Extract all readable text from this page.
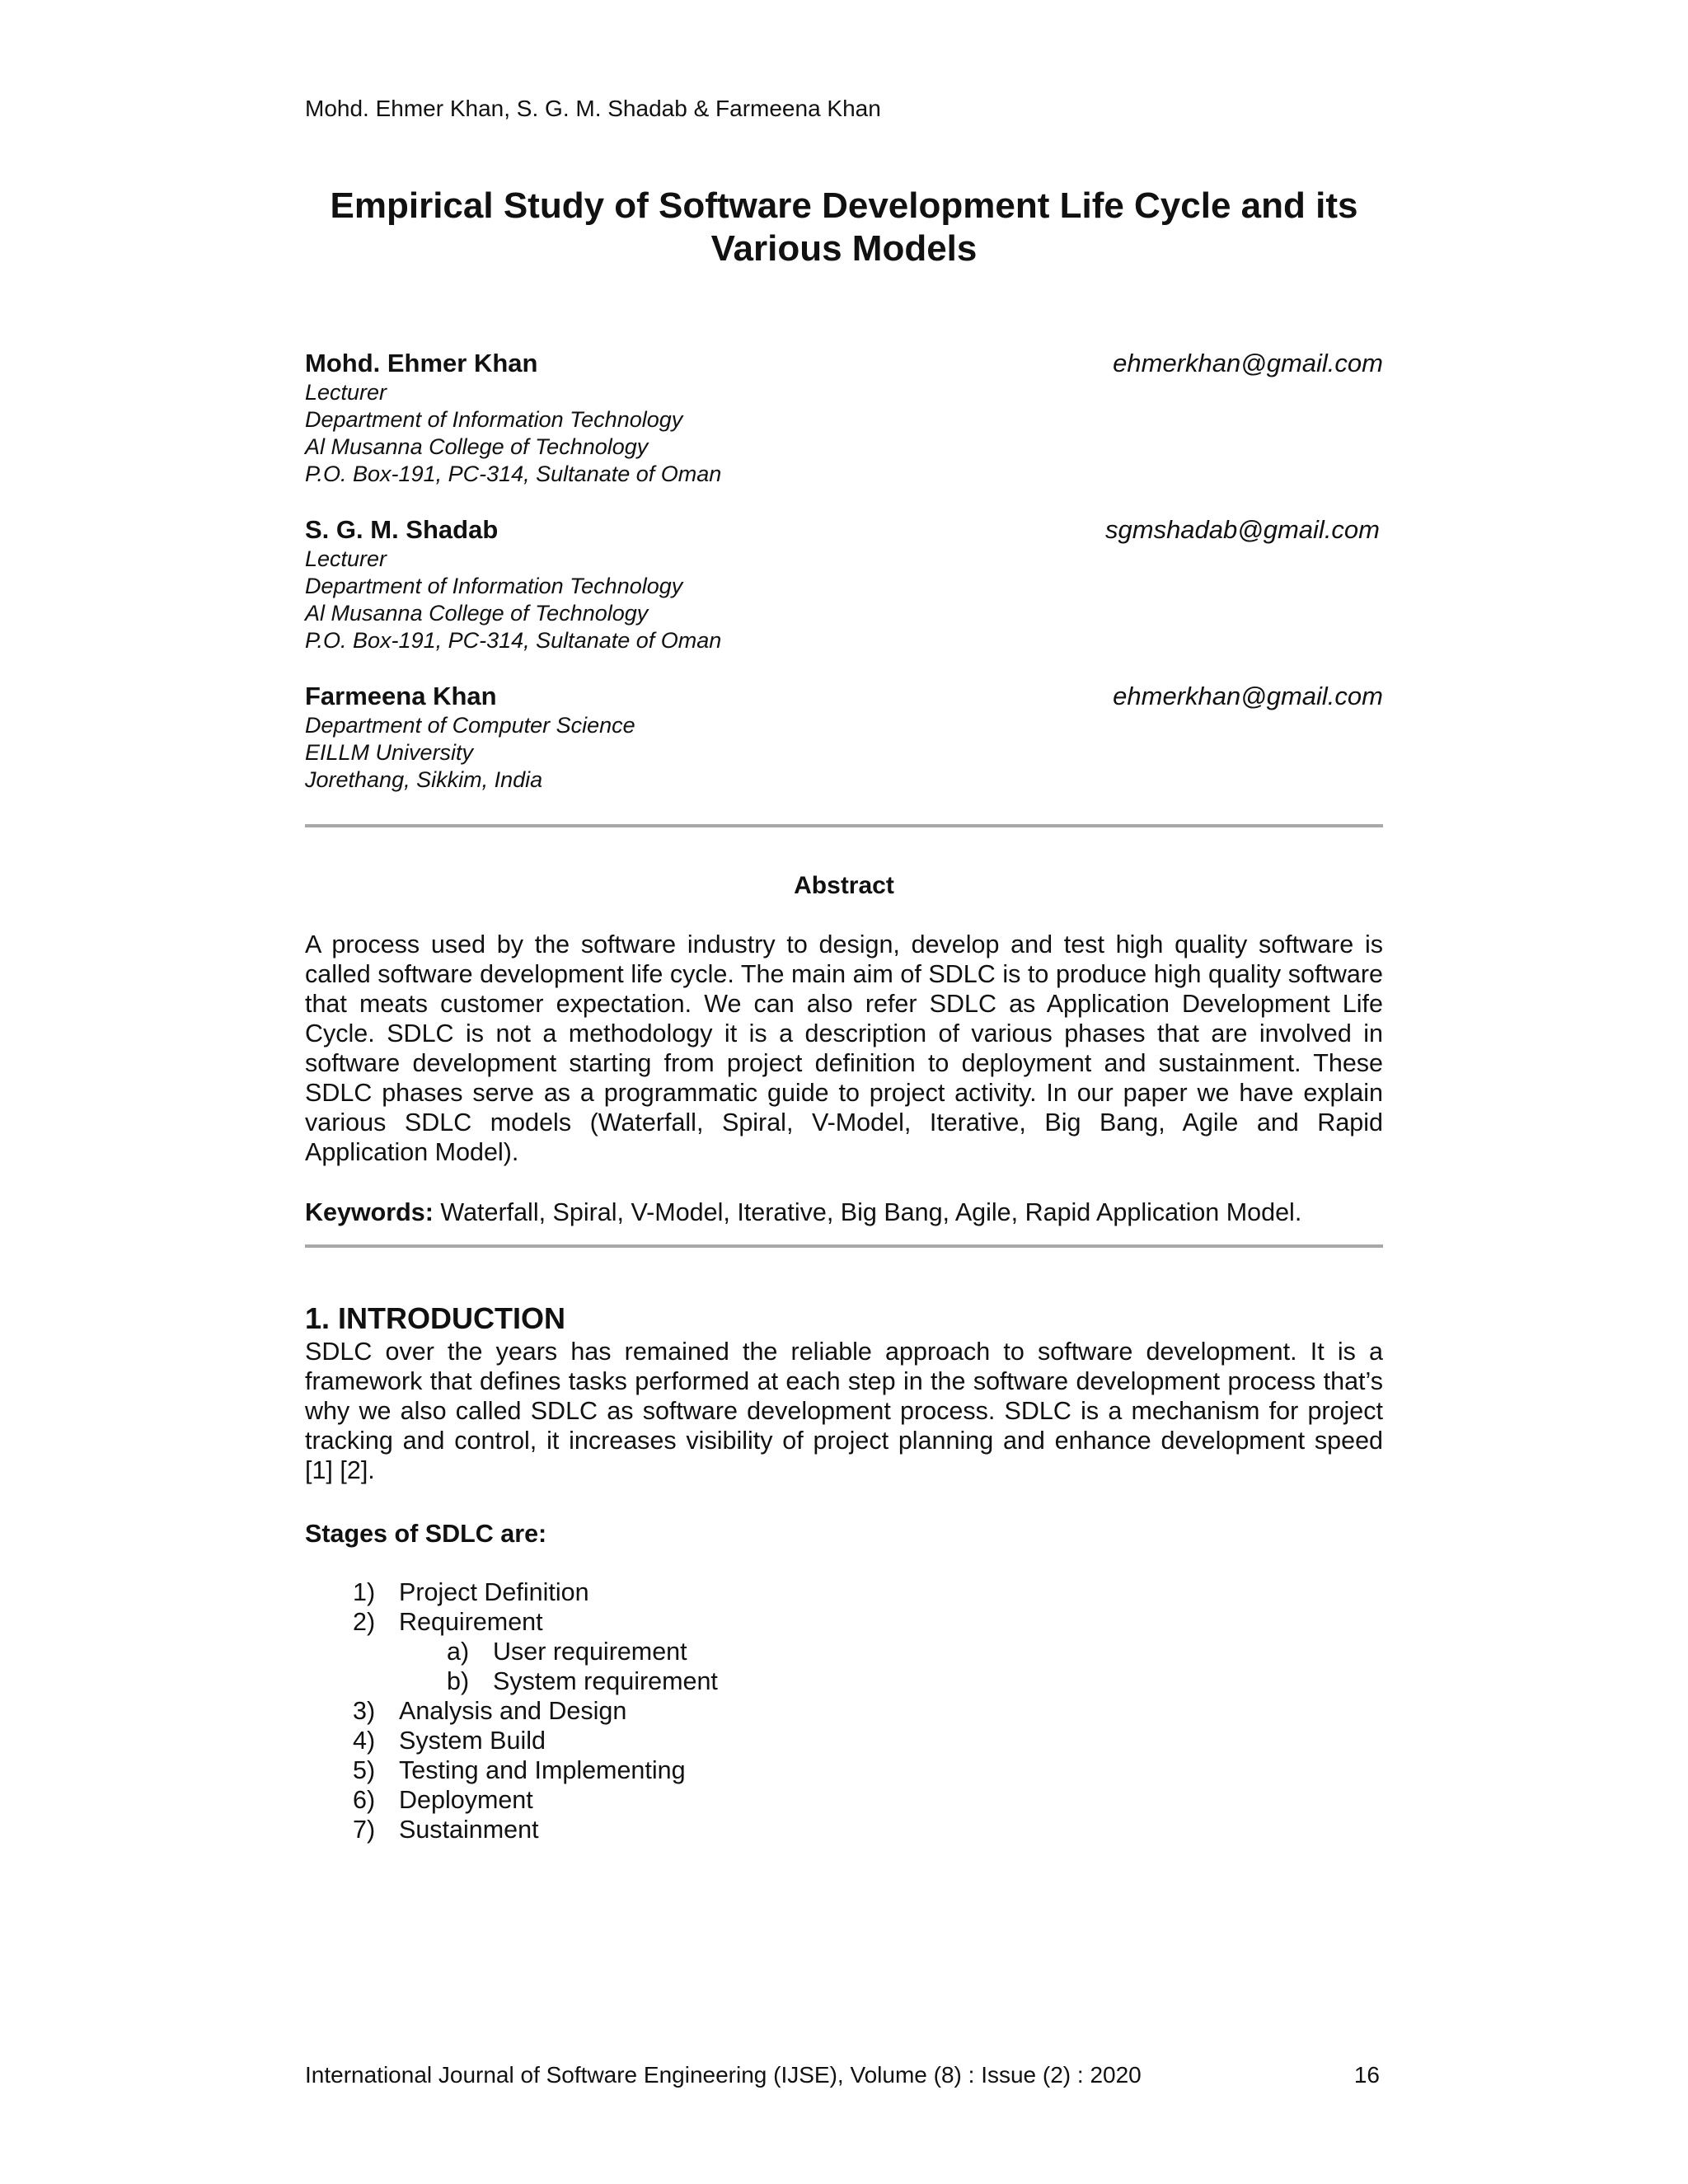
Mohd. Ehmer Khan, S. G. M. Shadab & Farmeena Khan
Empirical Study of Software Development Life Cycle and its
Various Models
Mohd. Ehmer Khan	ehmerkhan@gmail.com
Lecturer
Department of Information Technology
Al Musanna College of Technology
P.O. Box-191, PC-314, Sultanate of Oman
S. G. M. Shadab	sgmshadab@gmail.com
Lecturer
Department of Information Technology
Al Musanna College of Technology
P.O. Box-191, PC-314, Sultanate of Oman
Farmeena Khan	ehmerkhan@gmail.com
Department of Computer Science
EILLM University
Jorethang, Sikkim, India
Abstract
A process used by the software industry to design, develop and test high quality software is called software development life cycle. The main aim of SDLC is to produce high quality software that meats customer expectation. We can also refer SDLC as Application Development Life Cycle. SDLC is not a methodology it is a description of various phases that are involved in software development starting from project definition to deployment and sustainment. These SDLC phases serve as a programmatic guide to project activity. In our paper we have explain various SDLC models (Waterfall, Spiral, V-Model, Iterative, Big Bang, Agile and Rapid Application Model).
Keywords: Waterfall, Spiral, V-Model, Iterative, Big Bang, Agile, Rapid Application Model.
1. INTRODUCTION
SDLC over the years has remained the reliable approach to software development. It is a framework that defines tasks performed at each step in the software development process that’s why we also called SDLC as software development process. SDLC is a mechanism for project tracking and control, it increases visibility of project planning and enhance development speed [1] [2].
Stages of SDLC are:
1) Project Definition
2) Requirement
a) User requirement
b) System requirement
3) Analysis and Design
4) System Build
5) Testing and Implementing
6) Deployment
7) Sustainment
International Journal of Software Engineering (IJSE), Volume (8) : Issue (2) : 2020	16
